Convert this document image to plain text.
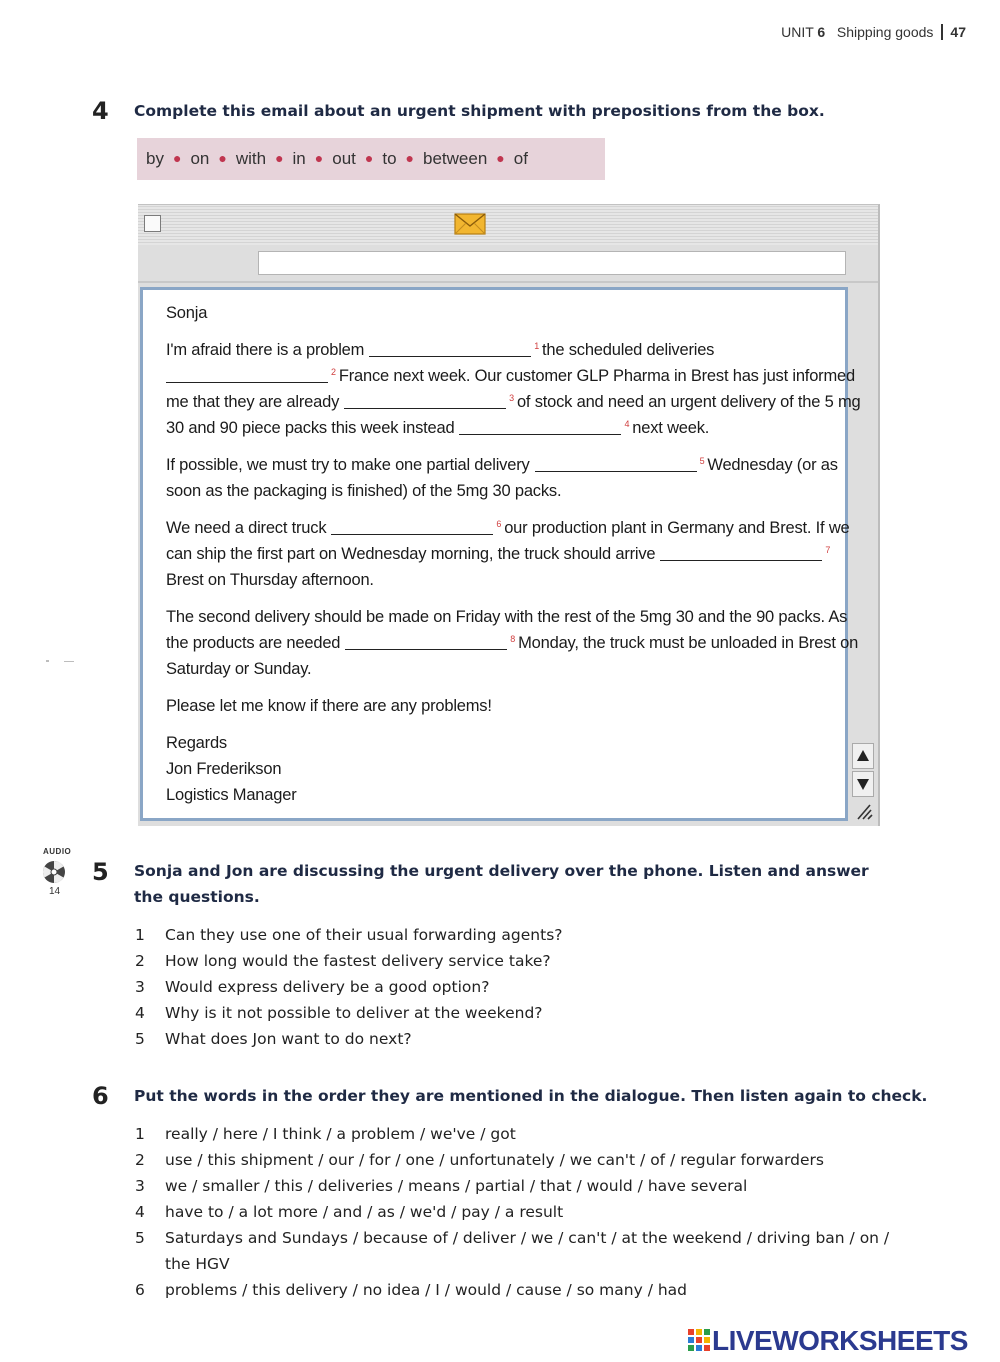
UNIT 6 Shipping goods 47
4 Complete this email about an urgent shipment with prepositions from the box.
by ● on ● with ● in ● out ● to ● between ● of

Sonja

I'm afraid there is a problem	$^1$ the scheduled deliveries
$^2$ France next week. Our customer GLP Pharma in Brest has just informed
me that they are already	$^3$ of stock and need an urgent delivery of the 5 mg
30 and 90 piece packs this week instead	$^4$ next week.

If possible, we must try to make one partial delivery	$^5$ Wednesday (or as
soon as the packaging is finished) of the 5mg 30 packs.

We need a direct truck	$^6$ our production plant in Germany and Brest. If we
can ship the first part on Wednesday morning, the truck should arrive	$^7$
Brest on Thursday afternoon.

The second delivery should be made on Friday with the rest of the 5mg 30 and the 90 packs. As
the products are needed	$^8$ Monday, the truck must be unloaded in Brest on
Saturday or Sunday.

Please let me know if there are any problems!

Regards
Jon Frederikson
Logistics Manager

AUDIO
14
5 Sonja and Jon are discussing the urgent delivery over the phone. Listen and answer
the questions.
1	Can they use one of their usual forwarding agents?
2	How long would the fastest delivery service take?
3	Would express delivery be a good option?
4	Why is it not possible to deliver at the weekend?
5	What does Jon want to do next?
6 Put the words in the order they are mentioned in the dialogue. Then listen again to check.
1	really / here / I think / a problem / we've / got
2	use / this shipment / our / for / one / unfortunately / we can't / of / regular forwarders
3	we / smaller / this / deliveries / means / partial / that / would / have several
4	have to / a lot more / and / as / we'd / pay / a result
5	Saturdays and Sundays / because of / deliver / we / can't / at the weekend / driving ban / on /
the HGV
6	problems / this delivery / no idea / I / would / cause / so many / had
LIVEWORKSHEETS
